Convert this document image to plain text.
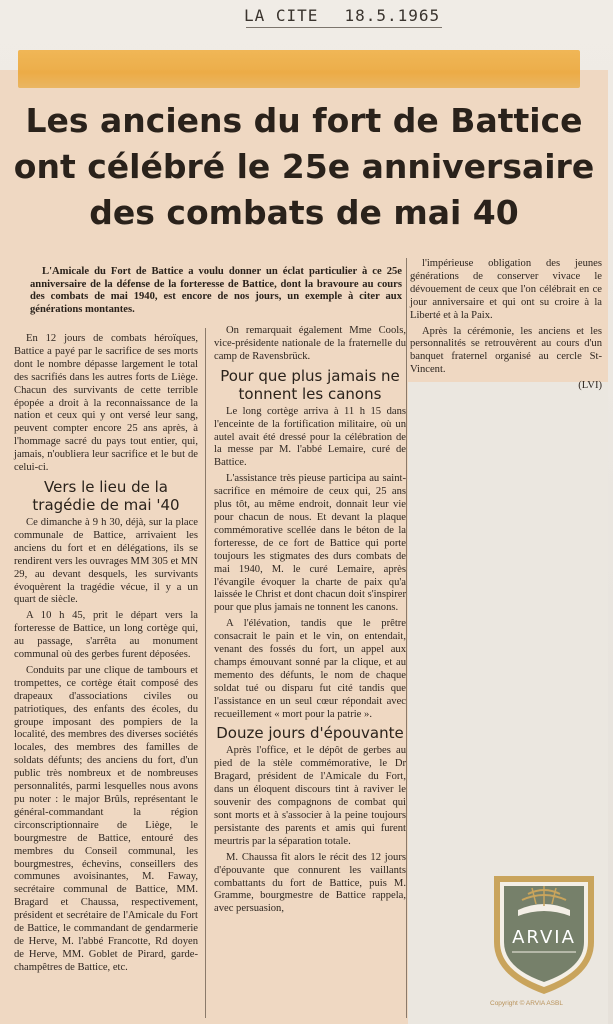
LA CITE 18.5.1965
Les anciens du fort de Battice
ont célébré le 25e anniversaire
des combats de mai 40

L'Amicale du Fort de Battice a voulu donner un éclat particulier à ce 25e anniversaire de la défense de la forteresse de Battice, dont la bravoure au cours des combats de mai 1940, est encore de nos jours, un exemple à citer aux générations montantes.

En 12 jours de combats héroïques, Battice a payé par le sacrifice de ses morts dont le nombre dépasse largement le total des sacrifiés dans les autres forts de Liège. Chacun des survivants de cette terrible épopée a droit à la reconnaissance de la nation et ceux qui y ont versé leur sang, peuvent compter encore 25 ans après, à l'hommage sacré du pays tout entier, qui, jamais, n'oubliera leur sacrifice et le but de celui-ci.

Vers le lieu de la tragédie de mai '40

Ce dimanche à 9 h 30, déjà, sur la place communale de Battice, arrivaient les anciens du fort et en délégations, ils se rendirent vers les ouvrages MM 305 et MN 29, au devant desquels, les survivants évoquèrent la tragédie vécue, il y a un quart de siècle.

A 10 h 45, prit le départ vers la forteresse de Battice, un long cortège qui, au passage, s'arrêta au monument communal où des gerbes furent déposées.

Conduits par une clique de tambours et trompettes, ce cortège était composé des drapeaux d'associations civiles ou patriotiques, des enfants des écoles, du groupe imposant des pompiers de la localité, des membres des diverses sociétés locales, des membres des familles de soldats défunts; des anciens du fort, d'un public très nombreux et de nombreuses personnalités, parmi lesquelles nous avons pu noter : le major Brûls, représentant le général-commandant la région circonscriptionnaire de Liège, le bourgmestre de Battice, entouré des membres du Conseil communal, les bourgmestres, échevins, conseillers des communes avoisinantes, M. Faway, secrétaire communal de Battice, MM. Bragard et Chaussa, respectivement, président et secrétaire de l'Amicale du Fort de Battice, le commandant de gendarmerie de Herve, M. l'abbé Francotte, Rd doyen de Herve, MM. Goblet de Pirard, garde-champêtres de Battice, etc.

On remarquait également Mme Cools, vice-présidente nationale de la fraternelle du camp de Ravensbrück.

Pour que plus jamais ne tonnent les canons

Le long cortège arriva à 11 h 15 dans l'enceinte de la fortification militaire, où un autel avait été dressé pour la célébration de la messe par M. l'abbé Lemaire, curé de Battice.

L'assistance très pieuse participa au saint-sacrifice en mémoire de ceux qui, 25 ans plus tôt, au même endroit, donnait leur vie pour chacun de nous. Et devant la plaque commémorative scellée dans le béton de la forteresse, de ce fort de Battice qui porte toujours les stigmates des durs combats de mai 1940, M. le curé Lemaire, après l'évangile évoquer la charte de paix qu'a laissée le Christ et dont chacun doit s'inspirer pour que plus jamais ne tonnent les canons.

A l'élévation, tandis que le prêtre consacrait le pain et le vin, on entendait, venant des fossés du fort, un appel aux champs émouvant sonné par la clique, et au memento des défunts, le nom de chaque soldat tué ou disparu fut cité tandis que l'assistance en un seul cœur répondait avec recueillement « mort pour la patrie ».

Douze jours d'épouvante

Après l'office, et le dépôt de gerbes au pied de la stèle commémorative, le Dr Bragard, président de l'Amicale du Fort, dans un éloquent discours tint à raviver le souvenir des compagnons de combat qui sont morts et à s'associer à la peine toujours persistante des parents et amis qui furent meurtris par la séparation totale.

M. Chaussa fit alors le récit des 12 jours d'épouvante que connurent les vaillants combattants du fort de Battice, puis M. Gramme, bourgmestre de Battice rappela, avec persuasion,

l'impérieuse obligation des jeunes générations de conserver vivace le dévouement de ceux que l'on célébrait en ce jour anniversaire et qui ont su croire à la Liberté et à la Paix.

Après la cérémonie, les anciens et les personnalités se retrouvèrent au cours d'un banquet fraternel organisé au cercle St-Vincent.

(LVI)

ARVIA
Copyright © ARVIA ASBL
